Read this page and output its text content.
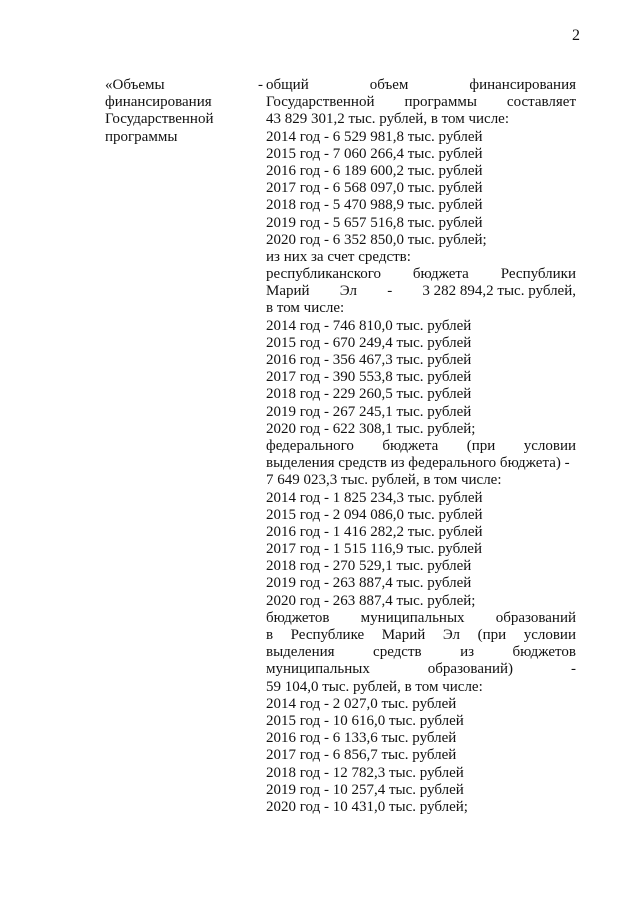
2
«Объемы
финансирования
Государственной
программы
- общий объем финансирования
Государственной программы составляет
43 829 301,2 тыс. рублей, в том числе:
2014 год - 6 529 981,8 тыс. рублей
2015 год - 7 060 266,4 тыс. рублей
2016 год - 6 189 600,2 тыс. рублей
2017 год - 6 568 097,0 тыс. рублей
2018 год - 5 470 988,9 тыс. рублей
2019 год - 5 657 516,8 тыс. рублей
2020 год - 6 352 850,0 тыс. рублей;
из них за счет средств:
республиканского бюджета Республики
Марий Эл - 3 282 894,2 тыс. рублей,
в том числе:
2014 год - 746 810,0 тыс. рублей
2015 год - 670 249,4 тыс. рублей
2016 год - 356 467,3 тыс. рублей
2017 год - 390 553,8 тыс. рублей
2018 год - 229 260,5 тыс. рублей
2019 год - 267 245,1 тыс. рублей
2020 год - 622 308,1 тыс. рублей;
федерального бюджета (при условии
выделения средств из федерального бюджета) -
7 649 023,3 тыс. рублей, в том числе:
2014 год - 1 825 234,3 тыс. рублей
2015 год - 2 094 086,0 тыс. рублей
2016 год - 1 416 282,2 тыс. рублей
2017 год - 1 515 116,9 тыс. рублей
2018 год - 270 529,1 тыс. рублей
2019 год - 263 887,4 тыс. рублей
2020 год - 263 887,4 тыс. рублей;
бюджетов муниципальных образований
в Республике Марий Эл (при условии
выделения средств из бюджетов
муниципальных образований) -
59 104,0 тыс. рублей, в том числе:
2014 год - 2 027,0 тыс. рублей
2015 год - 10 616,0 тыс. рублей
2016 год - 6 133,6 тыс. рублей
2017 год - 6 856,7 тыс. рублей
2018 год - 12 782,3 тыс. рублей
2019 год - 10 257,4 тыс. рублей
2020 год - 10 431,0 тыс. рублей;
